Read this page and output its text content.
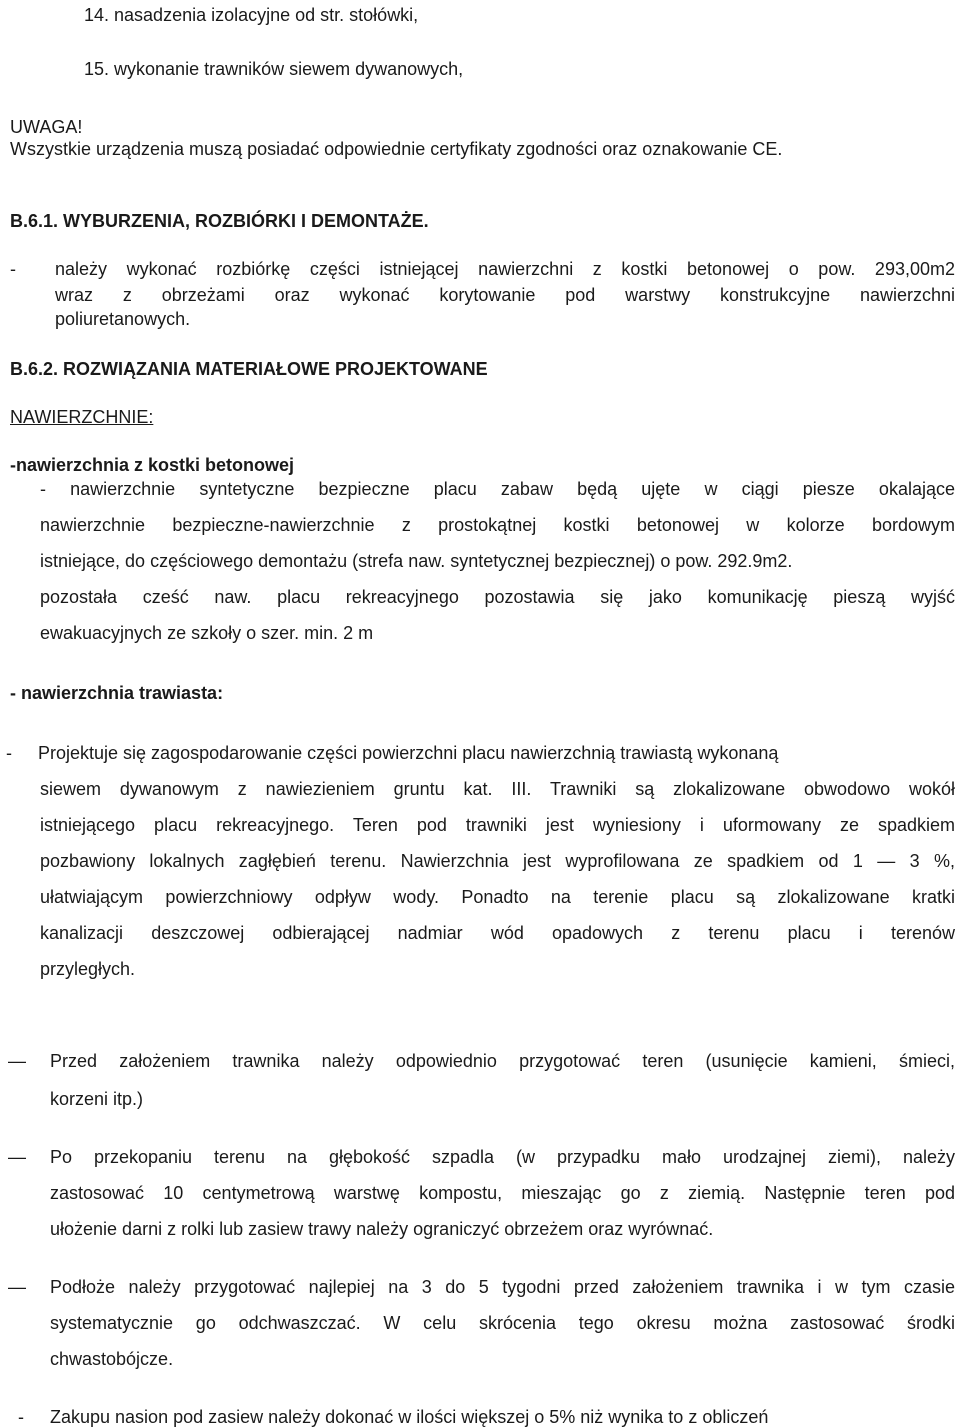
14. nasadzenia izolacyjne od str. stołówki,

15. wykonanie trawników siewem dywanowych,

UWAGA!

Wszystkie urządzenia muszą posiadać odpowiednie certyfikaty zgodności oraz oznakowanie CE.

B.6.1. WYBURZENIA, ROZBIÓRKI I DEMONTAŻE.

- należy wykonać rozbiórkę części istniejącej nawierzchni z kostki betonowej o pow. 293,00m2

wraz z obrzeżami oraz wykonać korytowanie pod warstwy konstrukcyjne nawierzchni

poliuretanowych.

B.6.2. ROZWIĄZANIA MATERIAŁOWE PROJEKTOWANE

NAWIERZCHNIE:

-nawierzchnia z kostki betonowej

- nawierzchnie syntetyczne bezpieczne placu zabaw będą ujęte w ciągi piesze okalające

nawierzchnie bezpieczne-nawierzchnie z prostokątnej kostki betonowej w kolorze bordowym

istniejące, do częściowego demontażu (strefa naw. syntetycznej bezpiecznej) o pow. 292.9m2.

pozostała cześć naw. placu rekreacyjnego pozostawia się jako komunikację pieszą wyjść

ewakuacyjnych ze szkoły o szer. min. 2 m

- nawierzchnia trawiasta:

- Projektuje się zagospodarowanie części powierzchni placu nawierzchnią trawiastą wykonaną

siewem dywanowym z nawiezieniem gruntu kat. III. Trawniki są zlokalizowane obwodowo wokół

istniejącego placu rekreacyjnego. Teren pod trawniki jest wyniesiony i uformowany ze spadkiem

pozbawiony lokalnych zagłębień terenu. Nawierzchnia jest wyprofilowana ze spadkiem od 1 — 3 %,

ułatwiającym powierzchniowy odpływ wody. Ponadto na terenie placu są zlokalizowane kratki

kanalizacji deszczowej odbierającej nadmiar wód opadowych z terenu placu i terenów

przyległych.

— Przed założeniem trawnika należy odpowiednio przygotować teren (usunięcie kamieni, śmieci,

korzeni itp.)

— Po przekopaniu terenu na głębokość szpadla (w przypadku mało urodzajnej ziemi), należy

zastosować 10 centymetrową warstwę kompostu, mieszając go z ziemią. Następnie teren pod

ułożenie darni z rolki lub zasiew trawy należy ograniczyć obrzeżem oraz wyrównać.

— Podłoże należy przygotować najlepiej na 3 do 5 tygodni przed założeniem trawnika i w tym czasie

systematycznie go odchwaszczać. W celu skrócenia tego okresu można zastosować środki

chwastobójcze.

- Zakupu nasion pod zasiew należy dokonać w ilości większej o 5% niż wynika to z obliczeń
